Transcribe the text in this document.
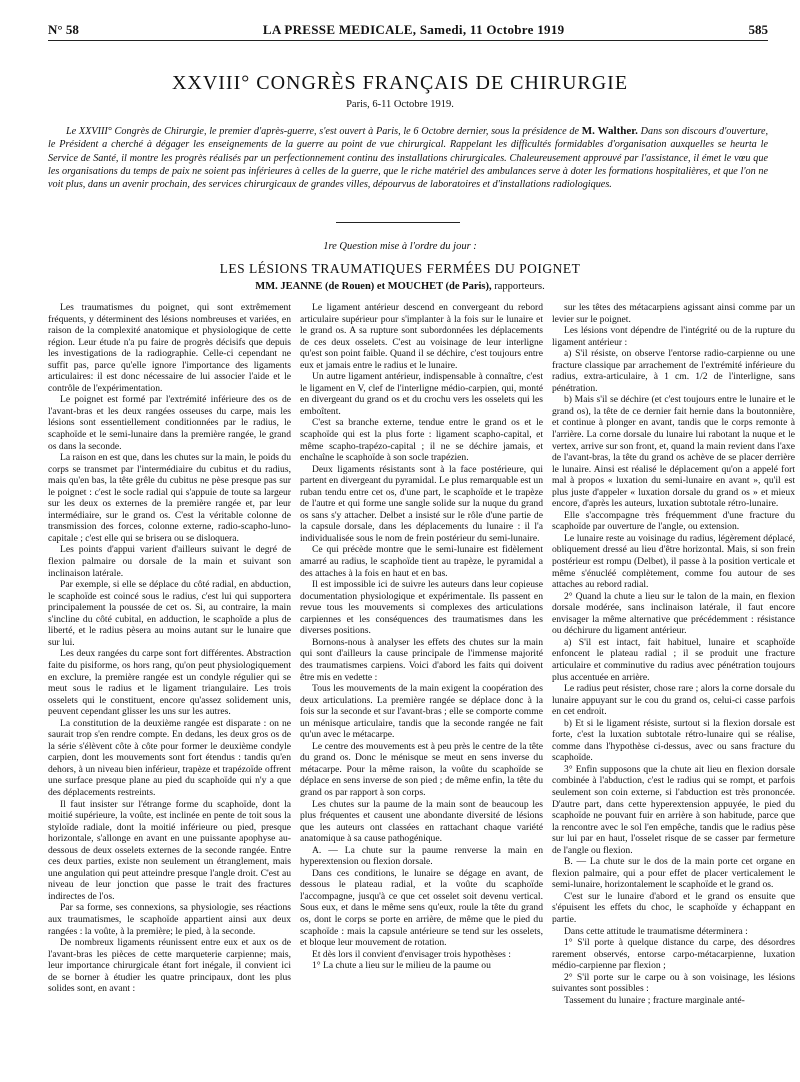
N° 58	LA PRESSE MEDICALE, Samedi, 11 Octobre 1919	585
XXVIII° CONGRÈS FRANÇAIS DE CHIRURGIE
Paris, 6-11 Octobre 1919.
Le XXVIII° Congrès de Chirurgie, le premier d'après-guerre, s'est ouvert à Paris, le 6 Octobre dernier, sous la présidence de M. Walther. Dans son discours d'ouverture, le Président a cherché à dégager les enseignements de la guerre au point de vue chirurgical. Rappelant les difficultés formidables d'organisation auxquelles se heurta le Service de Santé, il montre les progrès réalisés par un perfectionnement continu des installations chirurgicales. Chaleureusement approuvé par l'assistance, il émet le vœu que les organisations du temps de paix ne soient pas inférieures à celles de la guerre, que le riche matériel des ambulances serve à doter les formations hospitalières, et que l'on ne voit plus, dans un avenir prochain, des services chirurgicaux de grandes villes, dépourvus de laboratoires et d'installations radiologiques.
1re Question mise à l'ordre du jour :
LES LÉSIONS TRAUMATIQUES FERMÉES DU POIGNET
MM. JEANNE (de Rouen) et MOUCHET (de Paris), rapporteurs.

Les traumatismes du poignet, qui sont extrêmement fréquents, y déterminent des lésions nombreuses et variées, en raison de la complexité anatomique et physiologique de cette région. Leur étude n'a pu faire de progrès décisifs que depuis les investigations de la radiographie. Celle-ci cependant ne suffit pas, parce qu'elle ignore l'importance des ligaments articulaires: il est donc nécessaire de lui associer l'aide et le contrôle de l'expérimentation.

Le poignet est formé par l'extrémité inférieure des os de l'avant-bras et les deux rangées osseuses du carpe, mais les lésions sont essentiellement conditionnées par le radius, le scaphoïde et le semi-lunaire dans la première rangée, le grand os dans la seconde.

La raison en est que, dans les chutes sur la main, le poids du corps se transmet par l'intermédiaire du cubitus et du radius, mais qu'en bas, la tête grêle du cubitus ne pèse presque pas sur le poignet : c'est le socle radial qui s'appuie de toute sa largeur sur les deux os externes de la première rangée et, par leur intermédiaire, sur le grand os. C'est la véritable colonne de transmission des forces, colonne externe, radio-scapho-luno-capitale ; c'est elle qui se brisera ou se disloquera.

Les points d'appui varient d'ailleurs suivant le degré de flexion palmaire ou dorsale de la main et suivant son inclinaison latérale.

Par exemple, si elle se déplace du côté radial, en abduction, le scaphoïde est coincé sous le radius, c'est lui qui supportera principalement la poussée de cet os. Si, au contraire, la main s'incline du côté cubital, en adduction, le scaphoïde a plus de liberté, et le radius pèsera au moins autant sur le lunaire que sur lui.

Les deux rangées du carpe sont fort différentes. Abstraction faite du pisiforme, os hors rang, qu'on peut physiologiquement en exclure, la première rangée est un condyle régulier qui se meut sous le radius et le ligament triangulaire. Les trois osselets qui le constituent, encore qu'assez solidement unis, peuvent cependant glisser les uns sur les autres.

La constitution de la deuxième rangée est disparate : on ne saurait trop s'en rendre compte. En dedans, les deux gros os de la série s'élèvent côte à côte pour former le deuxième condyle carpien, dont les mouvements sont fort étendus : tandis qu'en dehors, à un niveau bien inférieur, trapèze et trapézoïde offrent une surface presque plane au pied du scaphoïde qui n'y a que des déplacements restreints.

Il faut insister sur l'étrange forme du scaphoïde, dont la moitié supérieure, la voûte, est inclinée en pente de toit sous la styloïde radiale, dont la moitié inférieure ou pied, presque horizontale, s'allonge en avant en une puissante apophyse au-dessous de deux osselets externes de la seconde rangée. Entre ces deux parties, existe non seulement un étranglement, mais une angulation qui peut atteindre presque l'angle droit. C'est au niveau de leur jonction que passe le trait des fractures indirectes de l'os.

Par sa forme, ses connexions, sa physiologie, ses réactions aux traumatismes, le scaphoïde appartient ainsi aux deux rangées : la voûte, à la première; le pied, à la seconde.

De nombreux ligaments réunissent entre eux et aux os de l'avant-bras les pièces de cette marqueterie carpienne; mais, leur importance chirurgicale étant fort inégale, il convient ici de se borner à étudier les quatre principaux, dont les plus solides sont, en avant :

Le ligament antérieur descend en convergeant du rebord articulaire supérieur pour s'implanter à la fois sur le lunaire et le grand os. A sa rupture sont subordonnées les déplacements de ces deux osselets. C'est au voisinage de leur interligne qu'est son point faible. Quand il se déchire, c'est toujours entre eux et jamais entre le radius et le lunaire.

Un autre ligament antérieur, indispensable à connaître, c'est le ligament en V, clef de l'interligne médio-carpien, qui, monté en divergeant du grand os et du crochu vers les osselets qui les emboîtent.

C'est sa branche externe, tendue entre le grand os et le scaphoïde qui est la plus forte : ligament scapho-capital, et même scapho-trapézo-capital ; il ne se déchire jamais, et enchaîne le scaphoïde à son socle trapézien.

Deux ligaments résistants sont à la face postérieure, qui partent en divergeant du pyramidal. Le plus remarquable est un ruban tendu entre cet os, d'une part, le scaphoïde et le trapèze de l'autre et qui forme une sangle solide sur la nuque du grand os sans s'y attacher. Delbet a insisté sur le rôle d'une partie de la capsule dorsale, dans les déplacements du lunaire : il l'a individualisée sous le nom de frein postérieur du semi-lunaire.

Ce qui précède montre que le semi-lunaire est fidèlement amarré au radius, le scaphoïde tient au trapèze, le pyramidal a des attaches à la fois en haut et en bas.

Il est impossible ici de suivre les auteurs dans leur copieuse documentation physiologique et expérimentale. Ils passent en revue tous les mouvements si complexes des articulations carpiennes et les conséquences des traumatismes dans les diverses positions.

Bornons-nous à analyser les effets des chutes sur la main qui sont d'ailleurs la cause principale de l'immense majorité des traumatismes carpiens. Voici d'abord les faits qui doivent être mis en vedette :

Tous les mouvements de la main exigent la coopération des deux articulations. La première rangée se déplace donc à la fois sur la seconde et sur l'avant-bras ; elle se comporte comme un ménisque articulaire, tandis que la seconde rangée ne fait qu'un avec le métacarpe.

Le centre des mouvements est à peu près le centre de la tête du grand os. Donc le ménisque se meut en sens inverse du métacarpe. Pour la même raison, la voûte du scaphoïde se déplace en sens inverse de son pied ; de même enfin, la tête du grand os par rapport à son corps.

Les chutes sur la paume de la main sont de beaucoup les plus fréquentes et causent une abondante diversité de lésions que les auteurs ont classées en rattachant chaque variété anatomique à sa cause pathogénique.

A. — La chute sur la paume renverse la main en hyperextension ou flexion dorsale.

Dans ces conditions, le lunaire se dégage en avant, de dessous le plateau radial, et la voûte du scaphoïde l'accompagne, jusqu'à ce que cet osselet soit devenu vertical. Sous eux, et dans le même sens qu'eux, roule la tête du grand os, dont le corps se porte en arrière, de même que le pied du scaphoïde : mais la capsule antérieure se tend sur les osselets, et bloque leur mouvement de rotation.

Et dès lors il convient d'envisager trois hypothèses :

1° La chute a lieu sur le milieu de la paume ou

sur les têtes des métacarpiens agissant ainsi comme par un levier sur le poignet.

Les lésions vont dépendre de l'intégrité ou de la rupture du ligament antérieur :

a) S'il résiste, on observe l'entorse radio-carpienne ou une fracture classique par arrachement de l'extrémité inférieure du radius, extra-articulaire, à 1 cm. 1/2 de l'interligne, sans pénétration.

b) Mais s'il se déchire (et c'est toujours entre le lunaire et le grand os), la tête de ce dernier fait hernie dans la boutonnière, et continue à plonger en avant, tandis que le corps remonte à l'arrière. La corne dorsale du lunaire lui rabotant la nuque et le vertex, arrive sur son front, et, quand la main revient dans l'axe de l'avant-bras, la tête du grand os achève de se placer derrière le lunaire. Ainsi est réalisé le déplacement qu'on a appelé fort mal à propos « luxation du semi-lunaire en avant », qu'il est plus juste d'appeler « luxation dorsale du grand os » et mieux encore, d'après les auteurs, luxation subtotale rétro-lunaire.

Elle s'accompagne très fréquemment d'une fracture du scaphoïde par ouverture de l'angle, ou extension.

Le lunaire reste au voisinage du radius, légèrement déplacé, obliquement dressé au lieu d'être horizontal. Mais, si son frein postérieur est rompu (Delbet), il passe à la position verticale et même s'énucléé complètement, comme fou autour de ses attaches au rebord radial.

2° Quand la chute a lieu sur le talon de la main, en flexion dorsale modérée, sans inclinaison latérale, il faut encore envisager la même alternative que précédemment : résistance ou déchirure du ligament antérieur.

a) S'il est intact, fait habituel, lunaire et scaphoïde enfoncent le plateau radial ; il se produit une fracture articulaire et comminutive du radius avec pénétration toujours plus accentuée en arrière.

Le radius peut résister, chose rare ; alors la corne dorsale du lunaire appuyant sur le cou du grand os, celui-ci casse parfois en cet endroit.

b) Et si le ligament résiste, surtout si la flexion dorsale est forte, c'est la luxation subtotale rétro-lunaire qui se réalise, comme dans l'hypothèse ci-dessus, avec ou sans fracture du scaphoïde.

3° Enfin supposons que la chute ait lieu en flexion dorsale combinée à l'abduction, c'est le radius qui se rompt, et parfois seulement son coin externe, si l'abduction est très prononcée. D'autre part, dans cette hyperextension appuyée, le pied du scaphoïde ne pouvant fuir en arrière à son habitude, parce que la rencontre avec le sol l'en empêche, tandis que le radius pèse sur lui par en haut, l'osselet risque de se casser par fermeture de l'angle ou flexion.

B. — La chute sur le dos de la main porte cet organe en flexion palmaire, qui a pour effet de placer verticalement le semi-lunaire, horizontalement le scaphoïde et le grand os.

C'est sur le lunaire d'abord et le grand os ensuite que s'épuisent les effets du choc, le scaphoïde y échappant en partie.

Dans cette attitude le traumatisme déterminera :

1° S'il porte à quelque distance du carpe, des désordres rarement observés, entorse carpo-métacarpienne, luxation médio-carpienne par flexion ;

2° S'il porte sur le carpe ou à son voisinage, les lésions suivantes sont possibles :

Tassement du lunaire ; fracture marginale anté-
